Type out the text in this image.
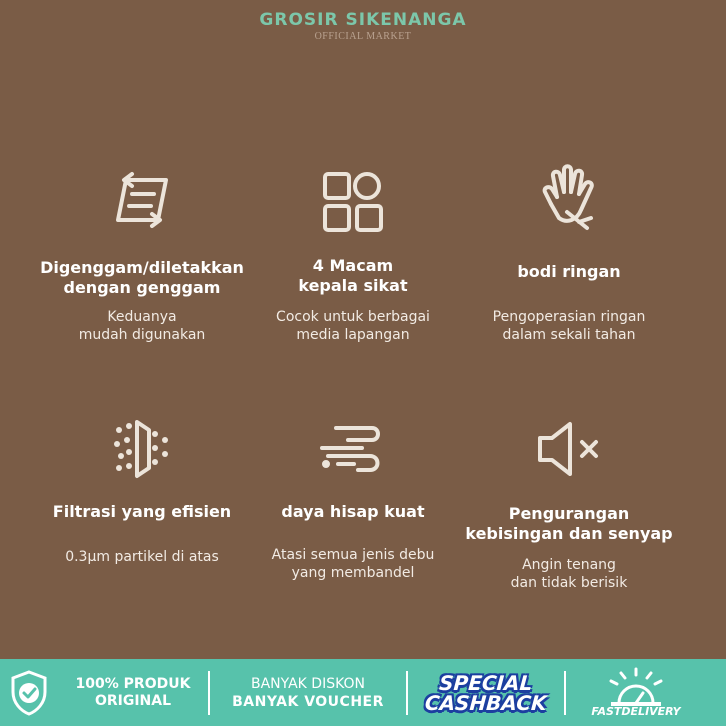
GROSIR SIKENANGA
OFFICIAL MARKET
Digenggam/diletakkan
dengan genggam
Keduanya
mudah digunakan
4 Macam
kepala sikat
Cocok untuk berbagai
media lapangan
bodi ringan
Pengoperasian ringan
dalam sekali tahan
Filtrasi yang efisien
0.3μm partikel di atas
daya hisap kuat
Atasi semua jenis debu
yang membandel
Pengurangan
kebisingan dan senyap
Angin tenang
dan tidak berisik
100% PRODUK
ORIGINAL
BANYAK DISKON
BANYAK VOUCHER
SPECIAL
CASHBACK	FASTDELIVERY
